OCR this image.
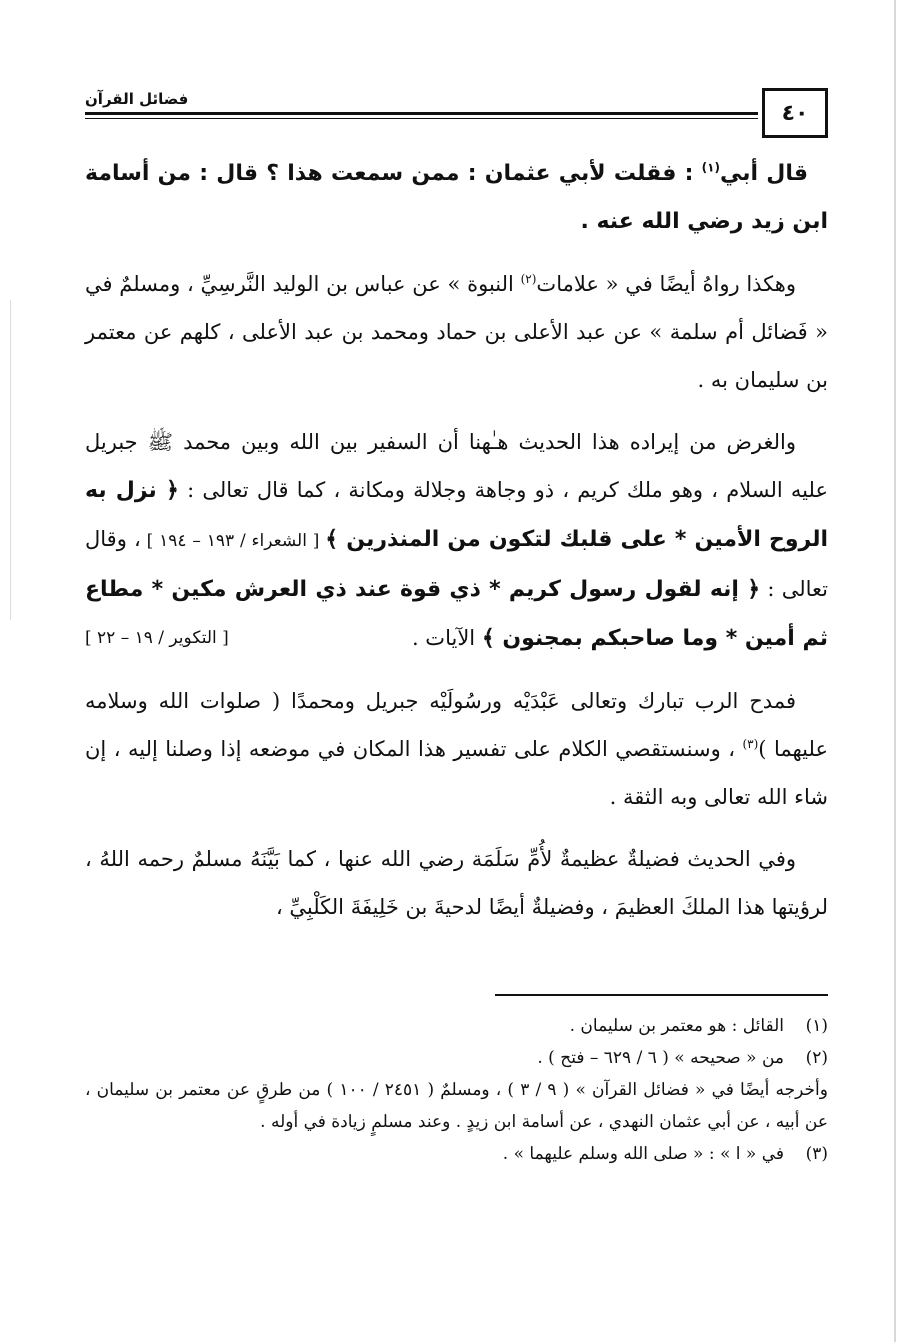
٤٠
فضائل القرآن

قال أبي$^{(١)}$ : فقلت لأبي عثمان : ممن سمعت هذا ؟ قال : من أسامة ابن زيد رضي الله عنه .

وهكذا رواهُ أيضًا في « علامات$^{(٢)}$ النبوة » عن عباس بن الوليد النَّرسِيِّ ، ومسلمٌ في « فَضائل أم سلمة » عن عبد الأعلى بن حماد ومحمد بن عبد الأعلى ، كلهم عن معتمر بن سليمان به .

والغرض من إيراده هذا الحديث هـٰهنا أن السفير بين الله وبين محمد ﷺ جبريل عليه السلام ، وهو ملك كريم ، ذو وجاهة وجلالة ومكانة ، كما قال تعالى : ﴿ نزل به الروح الأمين * على قلبك لتكون من المنذرين ﴾ [ الشعراء / ١٩٣ – ١٩٤ ] ، وقال تعالى : ﴿ إنه لقول رسول كريم * ذي قوة عند ذي العرش مكين * مطاع ثم أمين * وما صاحبكم بمجنون ﴾ الآيات .
[ التكوير / ١٩ – ٢٢ ]

فمدح الرب تبارك وتعالى عَبْدَيْه ورسُولَيْه جبريل ومحمدًا ( صلوات الله وسلامه عليهما )$^{(٣)}$ ، وسنستقصي الكلام على تفسير هذا المكان في موضعه إذا وصلنا إليه ، إن شاء الله تعالى وبه الثقة .

وفي الحديث فضيلةٌ عظيمةٌ لأُمِّ سَلَمَة رضي الله عنها ، كما بَيَّنَهُ مسلمٌ رحمه اللهُ ، لرؤيتها هذا الملكَ العظيمَ ، وفضيلةٌ أيضًا لدحيةَ بن خَلِيفَةَ الكَلْبِيِّ ،

(١)
القائل : هو معتمر بن سليمان .
(٢)
من « صحيحه » ( ٦ / ٦٢٩ – فتح ) .

وأخرجه أيضًا في « فضائل القرآن » ( ٩ / ٣ ) ، ومسلمٌ ( ٢٤٥١ / ١٠٠ ) من طرقٍ عن معتمر بن سليمان ، عن أبيه ، عن أبي عثمان النهدي ، عن أسامة ابن زيدٍ . وعند مسلمٍ زيادة في أوله .

(٣)
في « ا » : « صلى الله وسلم عليهما » .
